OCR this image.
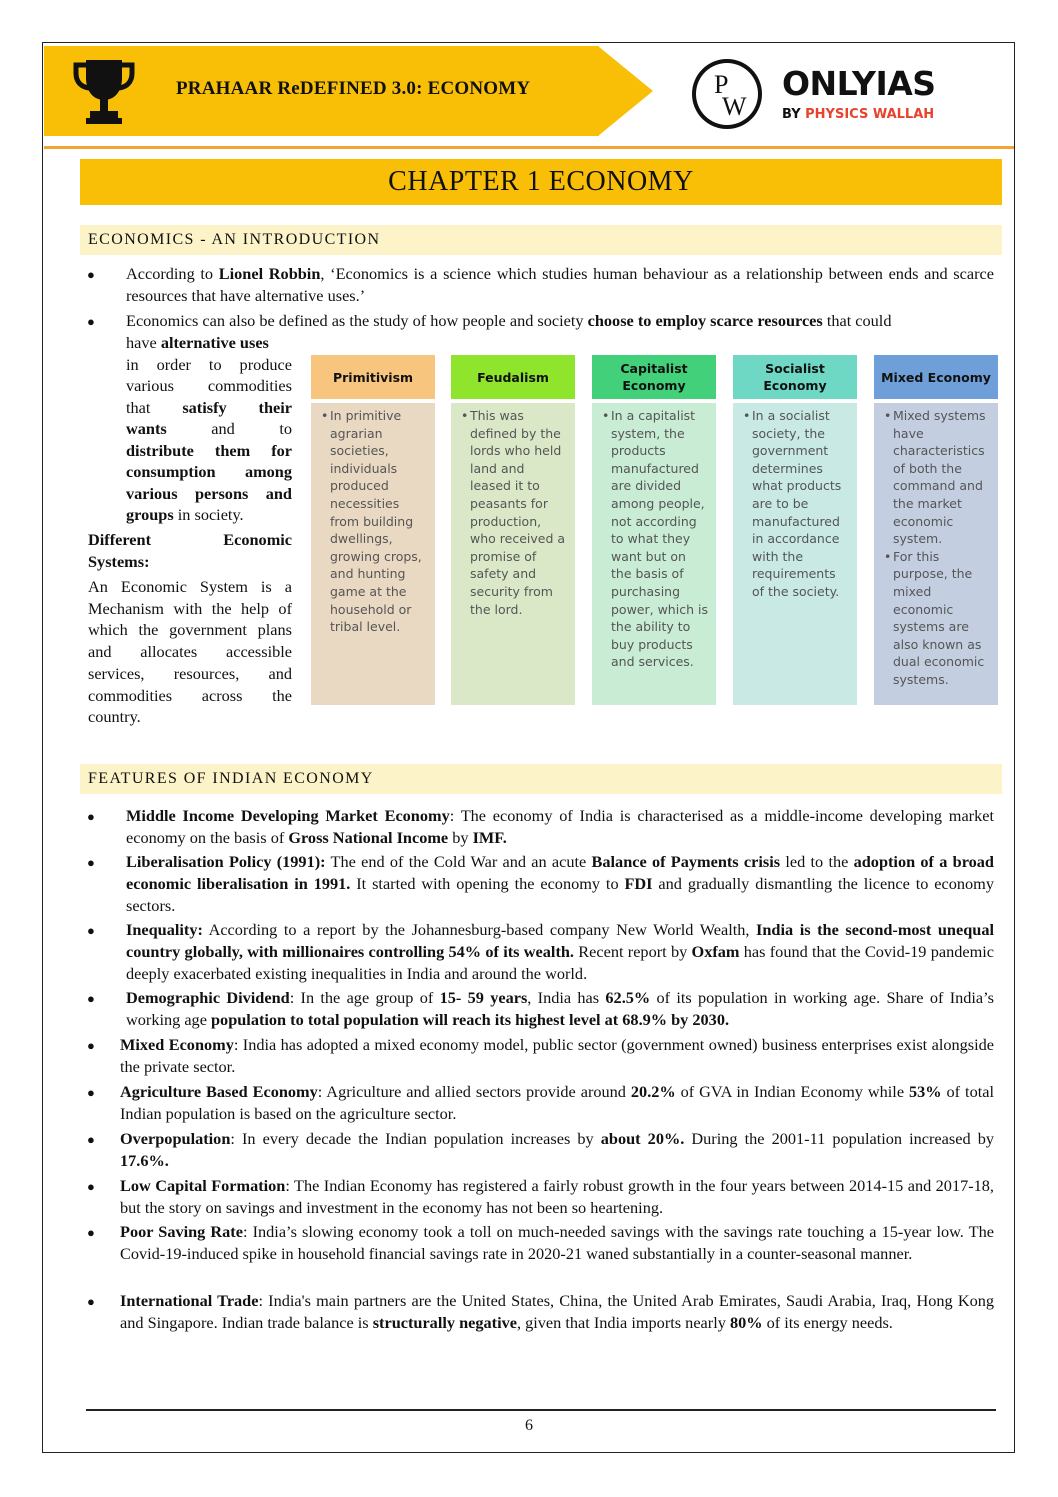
PRAHAAR ReDEFINED 3.0: ECONOMY	P
W
ONLYIAS
BY PHYSICS WALLAH
CHAPTER 1 ECONOMY
ECONOMICS - AN INTRODUCTION
● According to Lionel Robbin, ‘Economics is a science which studies human behaviour as a relationship between ends and scarce resources that have alternative uses.’
● Economics can also be defined as the study of how people and society choose to employ scarce resources that could
have alternative uses
in order to produce
various commodities
that satisfy their
wants	and	to
distribute them for
consumption among
various persons and
groups in society.
Different	Economic
Systems:
An Economic System is a Mechanism with the help of which the government plans and allocates accessible services, resources, and commodities across the country.
Primitivism
• In primitive agrarian societies, individuals produced necessities from building dwellings, growing crops, and hunting game at the household or tribal level.
Feudalism
• This was defined by the lords who held land and leased it to peasants for production, who received a promise of safety and security from the lord.
Capitalist Economy
• In a capitalist system, the products manufactured are divided among people, not according to what they want but on the basis of purchasing power, which is the ability to buy products and services.
Socialist Economy
• In a socialist society, the government determines what products are to be manufactured in accordance with the requirements of the society.
Mixed Economy
• Mixed systems have characteristics of both the command and the market economic system.
• For this purpose, the mixed economic systems are also known as dual economic systems.
FEATURES OF INDIAN ECONOMY
● Middle Income Developing Market Economy: The economy of India is characterised as a middle-income developing market economy on the basis of Gross National Income by IMF.
● Liberalisation Policy (1991): The end of the Cold War and an acute Balance of Payments crisis led to the adoption of a broad economic liberalisation in 1991. It started with opening the economy to FDI and gradually dismantling the licence to economy sectors.
● Inequality: According to a report by the Johannesburg-based company New World Wealth, India is the second-most unequal country globally, with millionaires controlling 54% of its wealth. Recent report by Oxfam has found that the Covid-19 pandemic deeply exacerbated existing inequalities in India and around the world.
● Demographic Dividend: In the age group of 15- 59 years, India has 62.5% of its population in working age. Share of India’s working age population to total population will reach its highest level at 68.9% by 2030.
● Mixed Economy: India has adopted a mixed economy model, public sector (government owned) business enterprises exist alongside the private sector.
● Agriculture Based Economy: Agriculture and allied sectors provide around 20.2% of GVA in Indian Economy while 53% of total Indian population is based on the agriculture sector.
● Overpopulation: In every decade the Indian population increases by about 20%. During the 2001-11 population increased by 17.6%.
● Low Capital Formation: The Indian Economy has registered a fairly robust growth in the four years between 2014-15 and 2017-18, but the story on savings and investment in the economy has not been so heartening.
● Poor Saving Rate: India’s slowing economy took a toll on much-needed savings with the savings rate touching a 15-year low. The Covid-19-induced spike in household financial savings rate in 2020-21 waned substantially in a counter-seasonal manner.
● International Trade: India's main partners are the United States, China, the United Arab Emirates, Saudi Arabia, Iraq, Hong Kong and Singapore. Indian trade balance is structurally negative, given that India imports nearly 80% of its energy needs.
6
